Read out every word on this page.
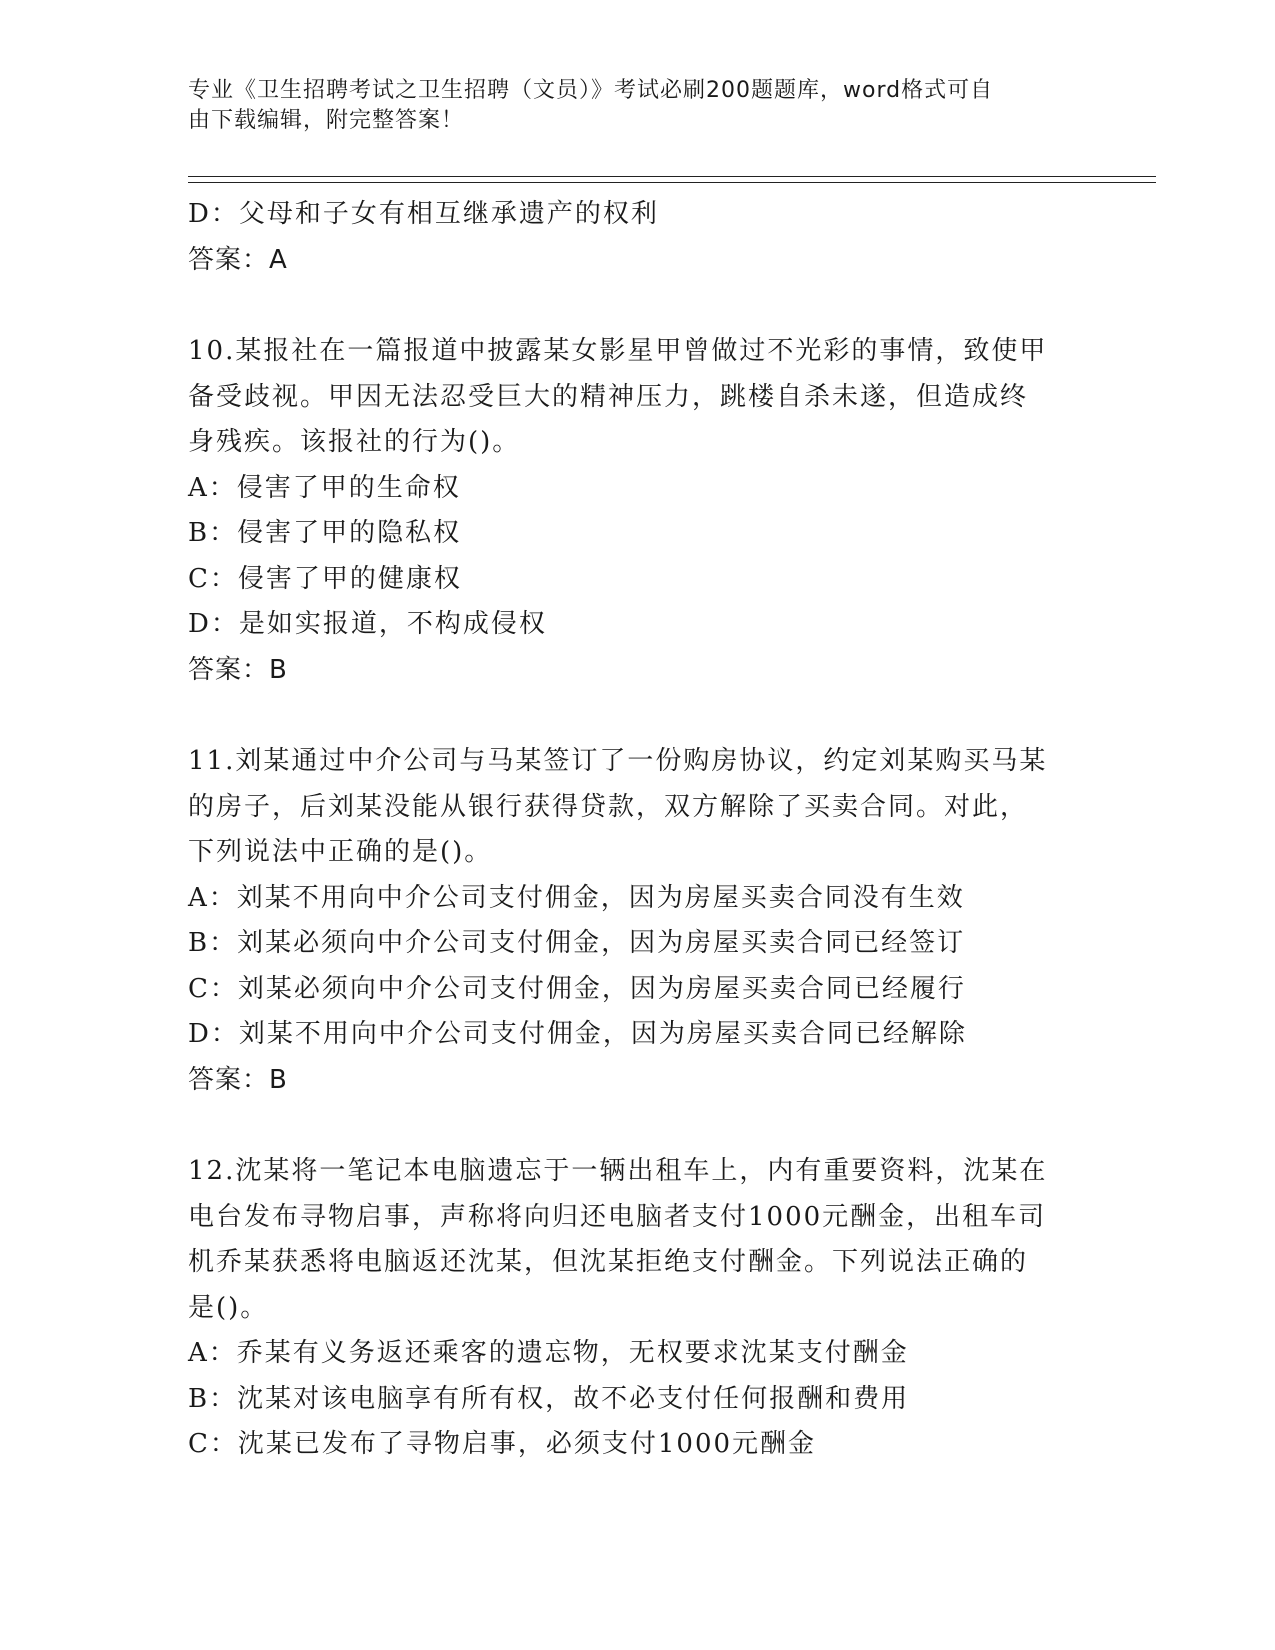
专业《卫生招聘考试之卫生招聘（文员）》考试必刷200题题库，word格式可自
由下载编辑，附完整答案！
D：父母和子女有相互继承遗产的权利
答案：A
10.某报社在一篇报道中披露某女影星甲曾做过不光彩的事情，致使甲
备受歧视。甲因无法忍受巨大的精神压力，跳楼自杀未遂，但造成终
身残疾。该报社的行为()。
A：侵害了甲的生命权
B：侵害了甲的隐私权
C：侵害了甲的健康权
D：是如实报道，不构成侵权
答案：B
11.刘某通过中介公司与马某签订了一份购房协议，约定刘某购买马某
的房子，后刘某没能从银行获得贷款，双方解除了买卖合同。对此，
下列说法中正确的是()。
A：刘某不用向中介公司支付佣金，因为房屋买卖合同没有生效
B：刘某必须向中介公司支付佣金，因为房屋买卖合同已经签订
C：刘某必须向中介公司支付佣金，因为房屋买卖合同已经履行
D：刘某不用向中介公司支付佣金，因为房屋买卖合同已经解除
答案：B
12.沈某将一笔记本电脑遗忘于一辆出租车上，内有重要资料，沈某在
电台发布寻物启事，声称将向归还电脑者支付1000元酬金，出租车司
机乔某获悉将电脑返还沈某，但沈某拒绝支付酬金。下列说法正确的
是()。
A：乔某有义务返还乘客的遗忘物，无权要求沈某支付酬金
B：沈某对该电脑享有所有权，故不必支付任何报酬和费用
C：沈某已发布了寻物启事，必须支付1000元酬金
